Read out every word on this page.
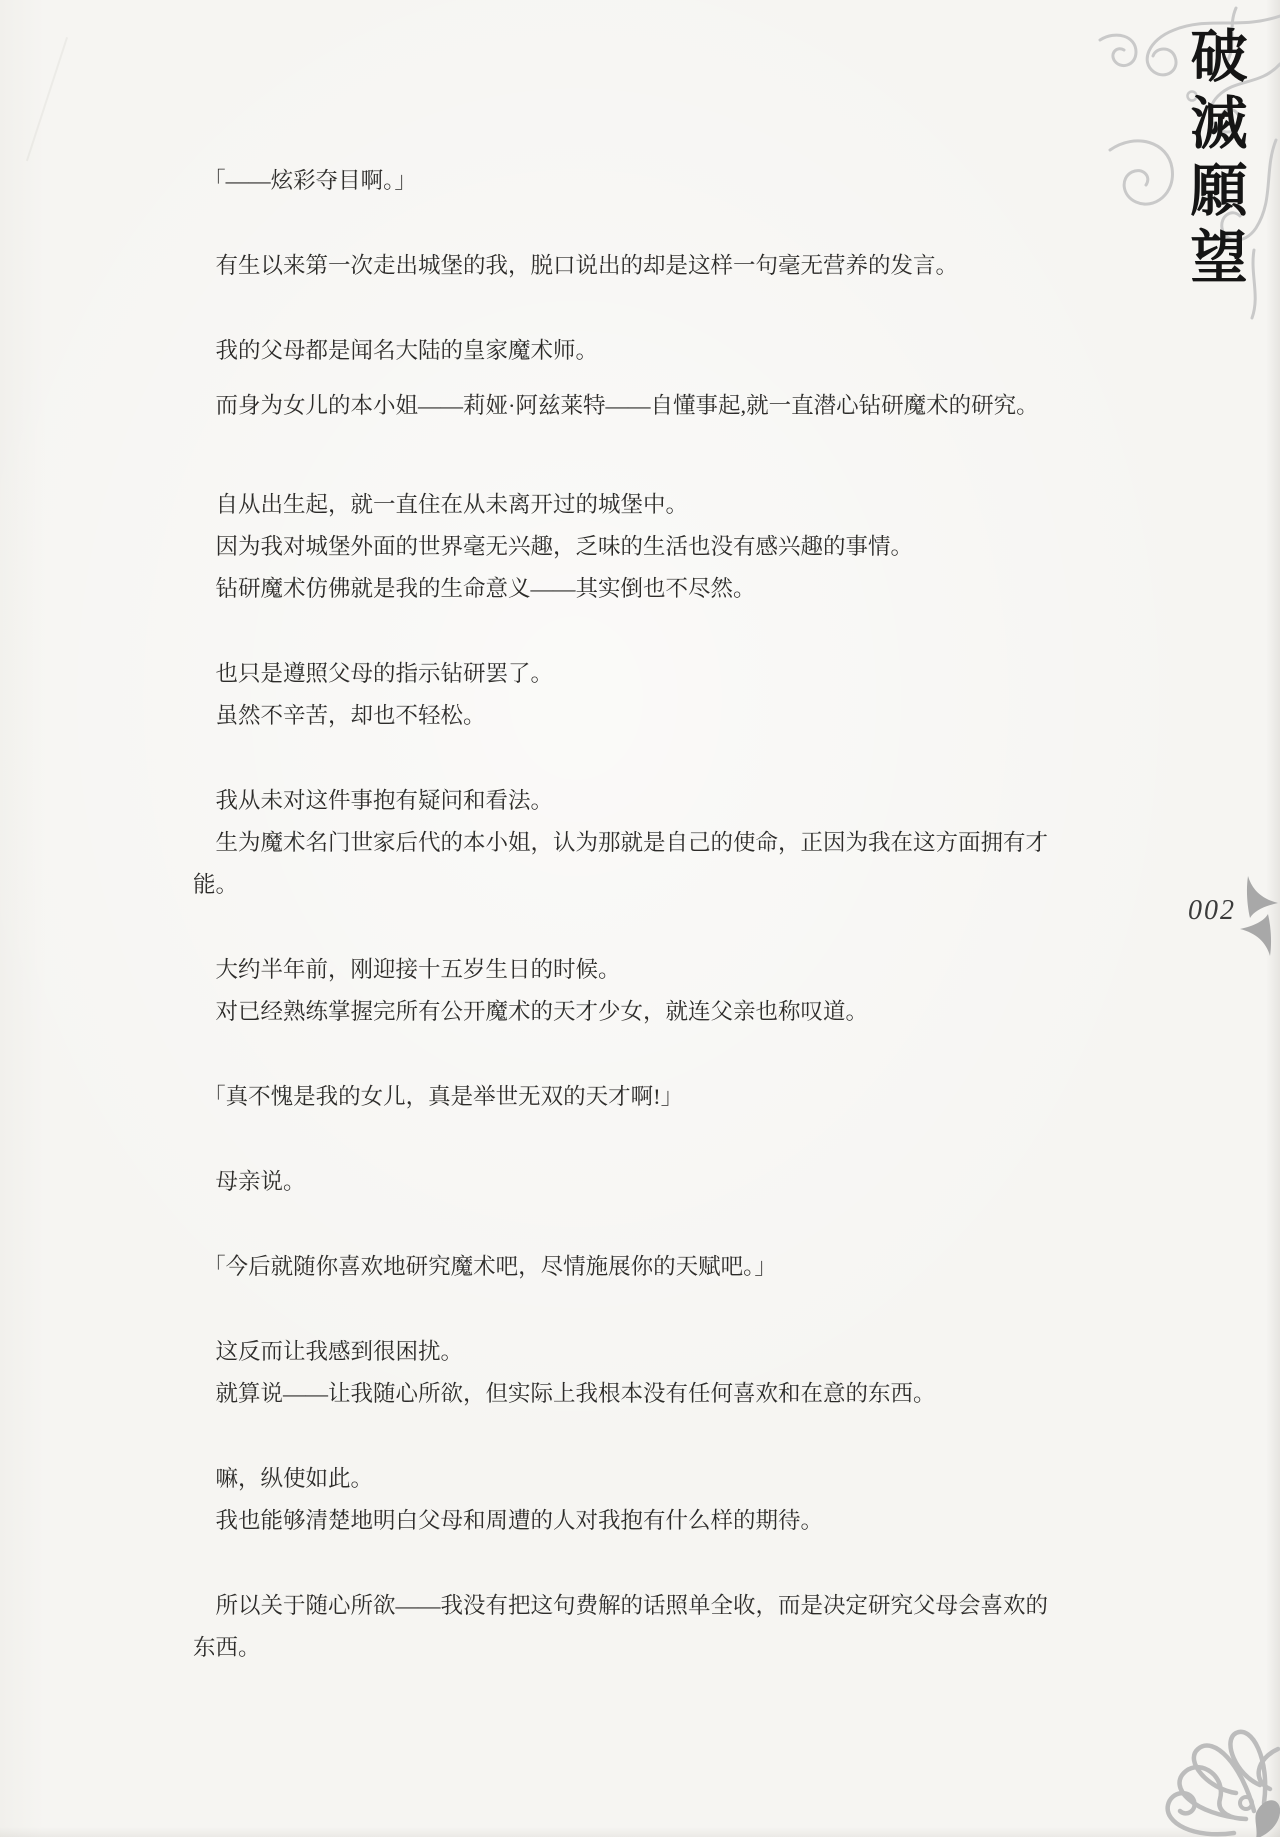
破滅願望

「——炫彩夺目啊。」

有生以来第一次走出城堡的我，脱口说出的却是这样一句毫无营养的发言。

我的父母都是闻名大陆的皇家魔术师。

而身为女儿的本小姐——莉娅·阿兹莱特——自懂事起,就一直潜心钻研魔术的研究。

自从出生起，就一直住在从未离开过的城堡中。

因为我对城堡外面的世界毫无兴趣，乏味的生活也没有感兴趣的事情。

钻研魔术仿佛就是我的生命意义——其实倒也不尽然。

也只是遵照父母的指示钻研罢了。

虽然不辛苦，却也不轻松。

我从未对这件事抱有疑问和看法。

生为魔术名门世家后代的本小姐，认为那就是自己的使命，正因为我在这方面拥有才能。

大约半年前，刚迎接十五岁生日的时候。

对已经熟练掌握完所有公开魔术的天才少女，就连父亲也称叹道。

「真不愧是我的女儿，真是举世无双的天才啊!」

母亲说。

「今后就随你喜欢地研究魔术吧，尽情施展你的天赋吧。」

这反而让我感到很困扰。

就算说——让我随心所欲，但实际上我根本没有任何喜欢和在意的东西。

嘛，纵使如此。

我也能够清楚地明白父母和周遭的人对我抱有什么样的期待。

所以关于随心所欲——我没有把这句费解的话照单全收，而是决定研究父母会喜欢的东西。

002
